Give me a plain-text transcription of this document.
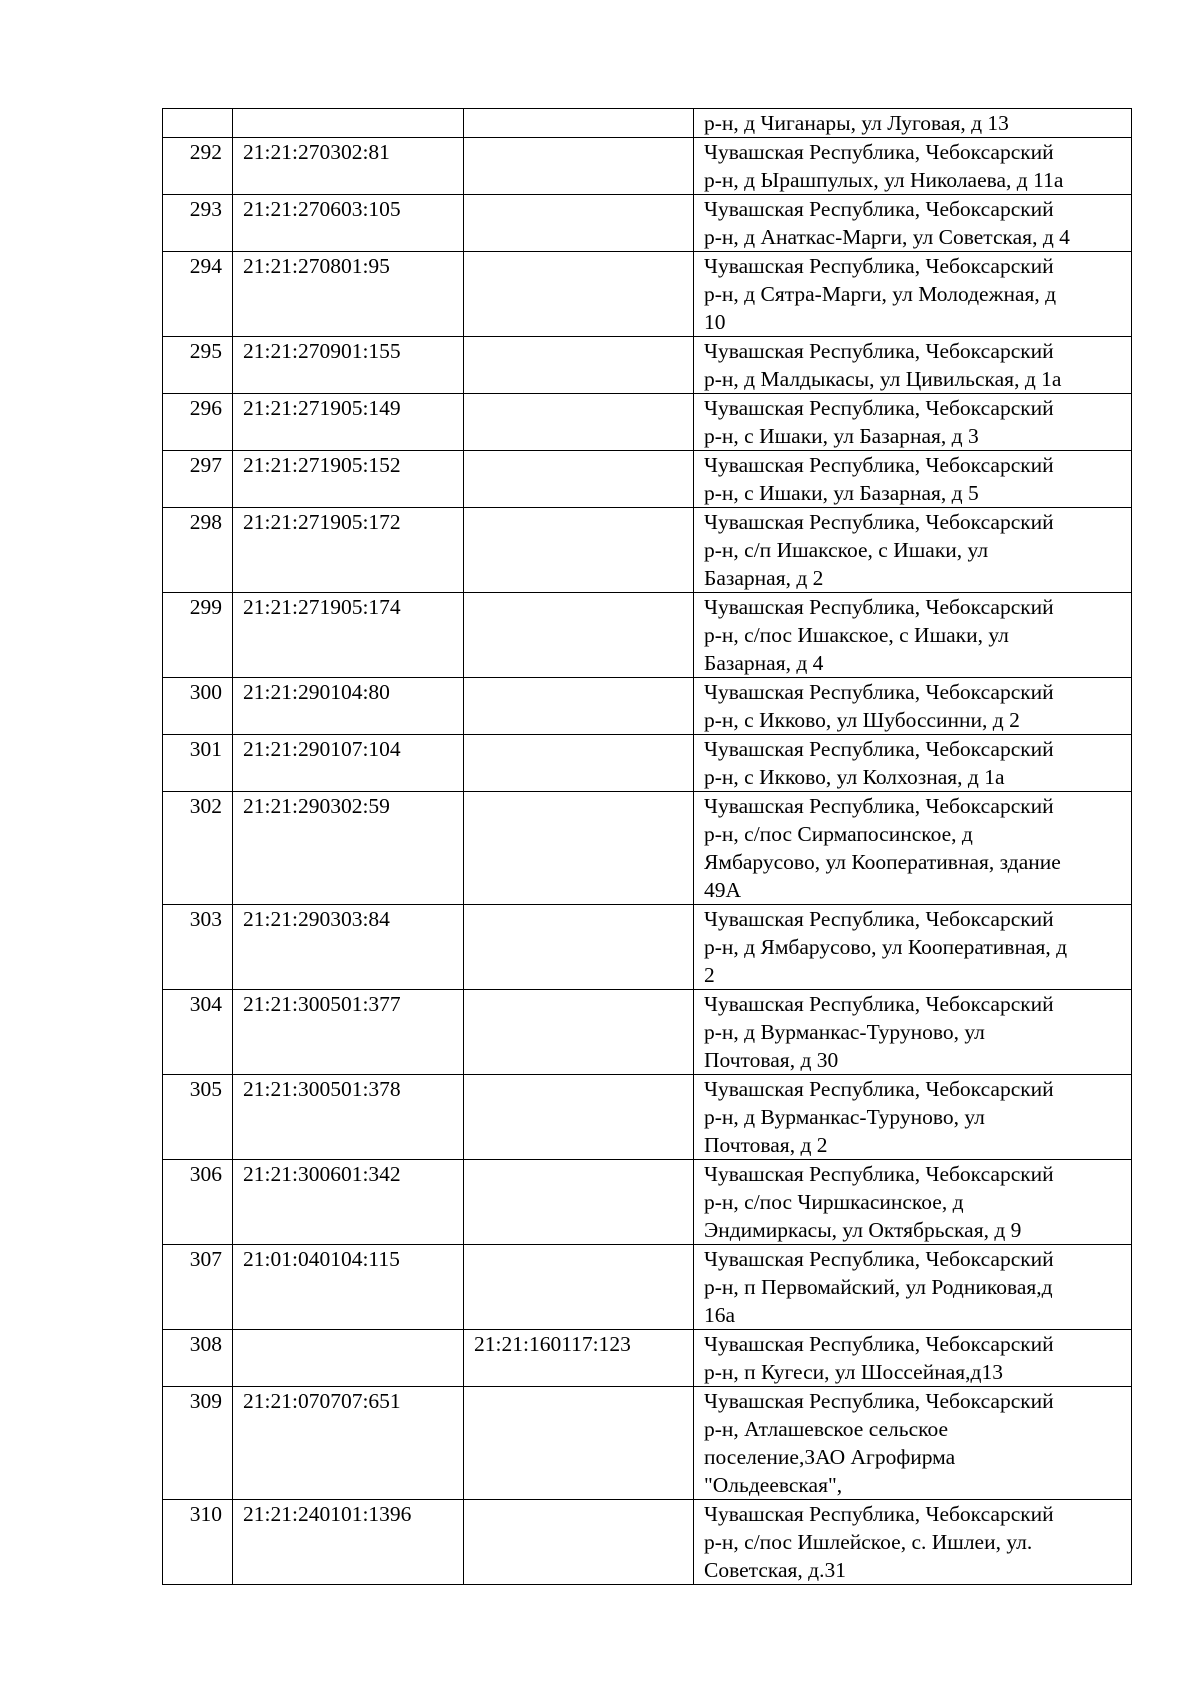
			р-н, д Чиганары, ул Луговая, д 13
292	21:21:270302:81		Чувашская Республика, Чебоксарский
р-н, д Ырашпулых, ул Николаева, д 11а
293	21:21:270603:105		Чувашская Республика, Чебоксарский
р-н, д Анаткас-Марги, ул Советская, д 4
294	21:21:270801:95		Чувашская Республика, Чебоксарский
р-н, д Сятра-Марги, ул Молодежная, д
10
295	21:21:270901:155		Чувашская Республика, Чебоксарский
р-н, д Малдыкасы, ул Цивильская, д 1а
296	21:21:271905:149		Чувашская Республика, Чебоксарский
р-н, с Ишаки, ул Базарная, д 3
297	21:21:271905:152		Чувашская Республика, Чебоксарский
р-н, с Ишаки, ул Базарная, д 5
298	21:21:271905:172		Чувашская Республика, Чебоксарский
р-н, с/п Ишакское, с Ишаки, ул
Базарная, д 2
299	21:21:271905:174		Чувашская Республика, Чебоксарский
р-н, с/пос Ишакское, с Ишаки, ул
Базарная, д 4
300	21:21:290104:80		Чувашская Республика, Чебоксарский
р-н, с Икково, ул Шубоссинни, д 2
301	21:21:290107:104		Чувашская Республика, Чебоксарский
р-н, с Икково, ул Колхозная, д 1а
302	21:21:290302:59		Чувашская Республика, Чебоксарский
р-н, с/пос Сирмапосинское, д
Ямбарусово, ул Кооперативная, здание
49А
303	21:21:290303:84		Чувашская Республика, Чебоксарский
р-н, д Ямбарусово, ул Кооперативная, д
2
304	21:21:300501:377		Чувашская Республика, Чебоксарский
р-н, д Вурманкас-Туруново, ул
Почтовая, д 30
305	21:21:300501:378		Чувашская Республика, Чебоксарский
р-н, д Вурманкас-Туруново, ул
Почтовая, д 2
306	21:21:300601:342		Чувашская Республика, Чебоксарский
р-н, с/пос Чиршкасинское, д
Эндимиркасы, ул Октябрьская, д 9
307	21:01:040104:115		Чувашская Республика, Чебоксарский
р-н, п Первомайский, ул Родниковая,д
16а
308		21:21:160117:123	Чувашская Республика, Чебоксарский
р-н, п Кугеси, ул Шоссейная,д13
309	21:21:070707:651		Чувашская Республика, Чебоксарский
р-н, Атлашевское сельское
поселение,ЗАО Агрофирма
"Ольдеевская",
310	21:21:240101:1396		Чувашская Республика, Чебоксарский
р-н, с/пос Ишлейское, с. Ишлеи, ул.
Советская, д.31
